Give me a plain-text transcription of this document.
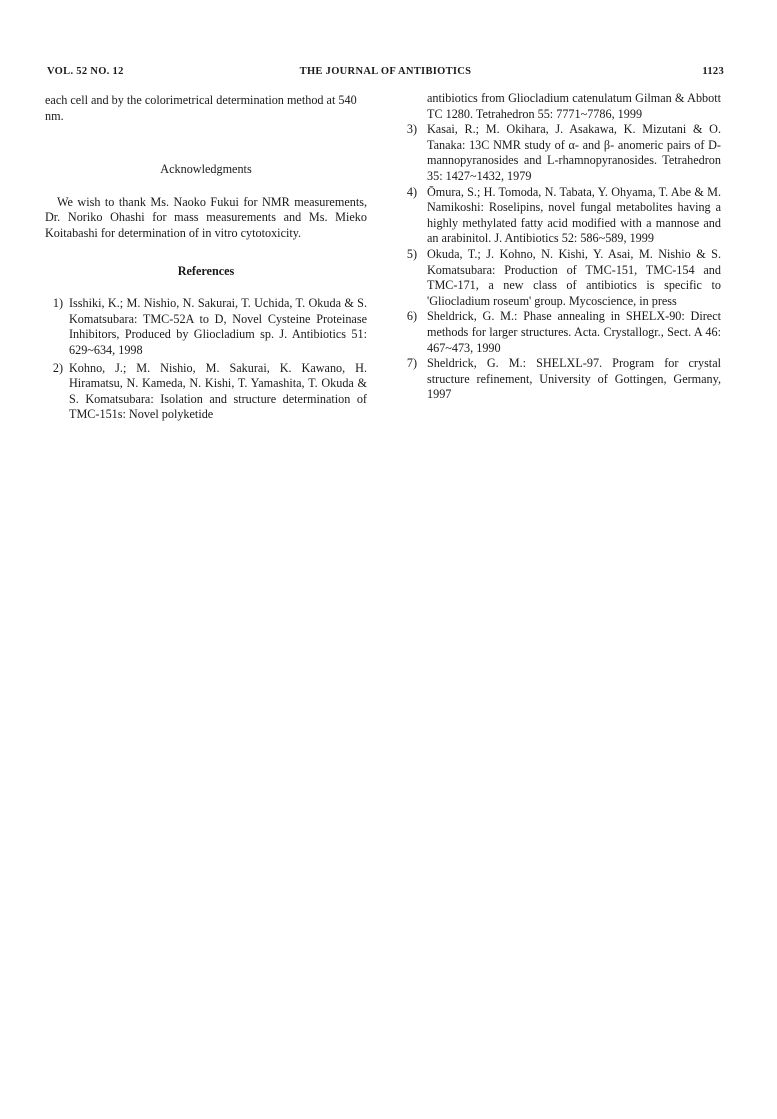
VOL. 52 NO. 12	THE JOURNAL OF ANTIBIOTICS	1123

each cell and by the colorimetrical determination method at 540 nm.

Acknowledgments

We wish to thank Ms. Naoko Fukui for NMR measurements, Dr. Noriko Ohashi for mass measurements and Ms. Mieko Koitabashi for determination of in vitro cytotoxicity.

References
1) Isshiki, K.; M. Nishio, N. Sakurai, T. Uchida, T. Okuda & S. Komatsubara: TMC-52A to D, Novel Cysteine Proteinase Inhibitors, Produced by Gliocladium sp. J. Antibiotics 51: 629~634, 1998
2) Kohno, J.; M. Nishio, M. Sakurai, K. Kawano, H. Hiramatsu, N. Kameda, N. Kishi, T. Yamashita, T. Okuda & S. Komatsubara: Isolation and structure determination of TMC-151s: Novel polyketide

antibiotics from Gliocladium catenulatum Gilman & Abbott TC 1280. Tetrahedron 55: 7771~7786, 1999

3) Kasai, R.; M. Okihara, J. Asakawa, K. Mizutani & O. Tanaka: 13C NMR study of α- and β- anomeric pairs of D-mannopyranosides and L-rhamnopyranosides. Tetrahedron 35: 1427~1432, 1979
4) Ōmura, S.; H. Tomoda, N. Tabata, Y. Ohyama, T. Abe & M. Namikoshi: Roselipins, novel fungal metabolites having a highly methylated fatty acid modified with a mannose and an arabinitol. J. Antibiotics 52: 586~589, 1999
5) Okuda, T.; J. Kohno, N. Kishi, Y. Asai, M. Nishio & S. Komatsubara: Production of TMC-151, TMC-154 and TMC-171, a new class of antibiotics is specific to 'Gliocladium roseum' group. Mycoscience, in press
6) Sheldrick, G. M.: Phase annealing in SHELX-90: Direct methods for larger structures. Acta. Crystallogr., Sect. A 46: 467~473, 1990
7) Sheldrick, G. M.: SHELXL-97. Program for crystal structure refinement, University of Gottingen, Germany, 1997
